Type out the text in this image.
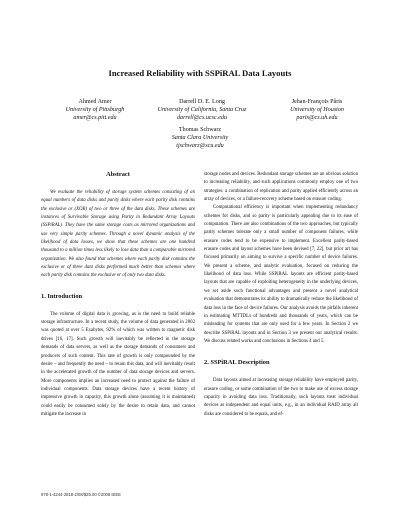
Increased Reliability with SSPiRAL Data Layouts
Ahmed Amer
University of Pittsburgh
amer@cs.pitt.edu
Darrell D. E. Long
University of California, Santa Cruz
darrell@cs.ucsc.edu
Jehan-François Pâris
University of Houston
paris@cs.uh.edu
Thomas Schwarz
Santa Clara University
tjschwarz@scu.edu
Abstract

We evaluate the reliability of storage system schemes consisting of an equal numbers of data disks and parity disks where each parity disk contains the exclusive or (XOR) of two or three of the data disks. These schemes are instances of Survivable Storage using Parity in Redundant Array Layouts (SSPiRAL). They have the same storage costs as mirrored organizations and use very simple parity schemes. Through a novel dynamic analysis of the likelihood of data losses, we show that these schemes are one hundred thousand to a million times less likely to lose data than a comparable mirrored organization. We also found that schemes where each parity disk contains the exclusive or of three data disks performed much better than schemes where each parity disk contains the exclusive or of only two data disks.

1. Introduction

The volume of digital data is growing, as is the need to build reliable storage infrastructure. In a recent study, the volume of data generated in 2002 was quoted at over 5 Exabytes, 92% of which was written to magnetic disk drives [16, 17]. Such growth will inevitably be reflected in the storage demands of data servers, as well as the storage demands of consumers and producers of such content. This rate of growth is only compounded by the desire – and frequently the need – to retain this data, and will inevitably result in the accelerated growth of the number of data storage devices and servers. More components implies an increased need to protect against the failure of individual components. Data storage devices have a recent history of impressive growth in capacity, this growth alone (assuming it is maintained) could easily be consumed solely by the desire to retain data, and cannot mitigate the increase in

storage nodes and devices. Redundant storage schemes are an obvious solution to increasing reliability, and such applications commonly employ one of two strategies: a combination of replication and parity applied efficiently across an array of devices, or a failure-recovery scheme based on erasure coding.

Computational efficiency is important when implementing redundancy schemes for disks, and so parity is particularly appealing due to its ease of computation. There are also combinations of the two approaches, but typically parity schemes tolerate only a small number of component failures, while erasure codes tend to be expensive to implement. Excellent parity-based erasure codes and layout schemes have been devised [7, 22], but prior art has focused primarily on aiming to survive a specific number of device failures. We present a scheme, and analytic evaluation, focused on reducing the likelihood of data loss. While SSPiRAL layouts are efficient parity-based layouts that are capable of exploiting heterogeneity in the underlying devices, we set aside such functional advantages and present a novel analytical evaluation that demonstrates its ability to dramatically reduce the likelihood of data loss in the face of device failures. Our analysis avoids the pitfalls inherent in estimating MTTDLs of hundreds and thousands of years, which can be misleading for systems that are only used for a few years. In Section 2 we describe SSPiRAL layouts and in Section 3 we present our analytical results. We discuss related works and conclusions in Sections 4 and 5.

2. SSPiRAL Description

Data layouts aimed at increasing storage reliability have employed parity, erasure coding, or some combination of the two to make use of excess storage capacity in avoiding data loss. Traditionally, such layouts treat individual devices as independent and equal units, e.g., in an individual RAID array all disks are considered to be equals, and ef-

978-1-4244-2818-2/08/$25.00 ©2008 IEEE
